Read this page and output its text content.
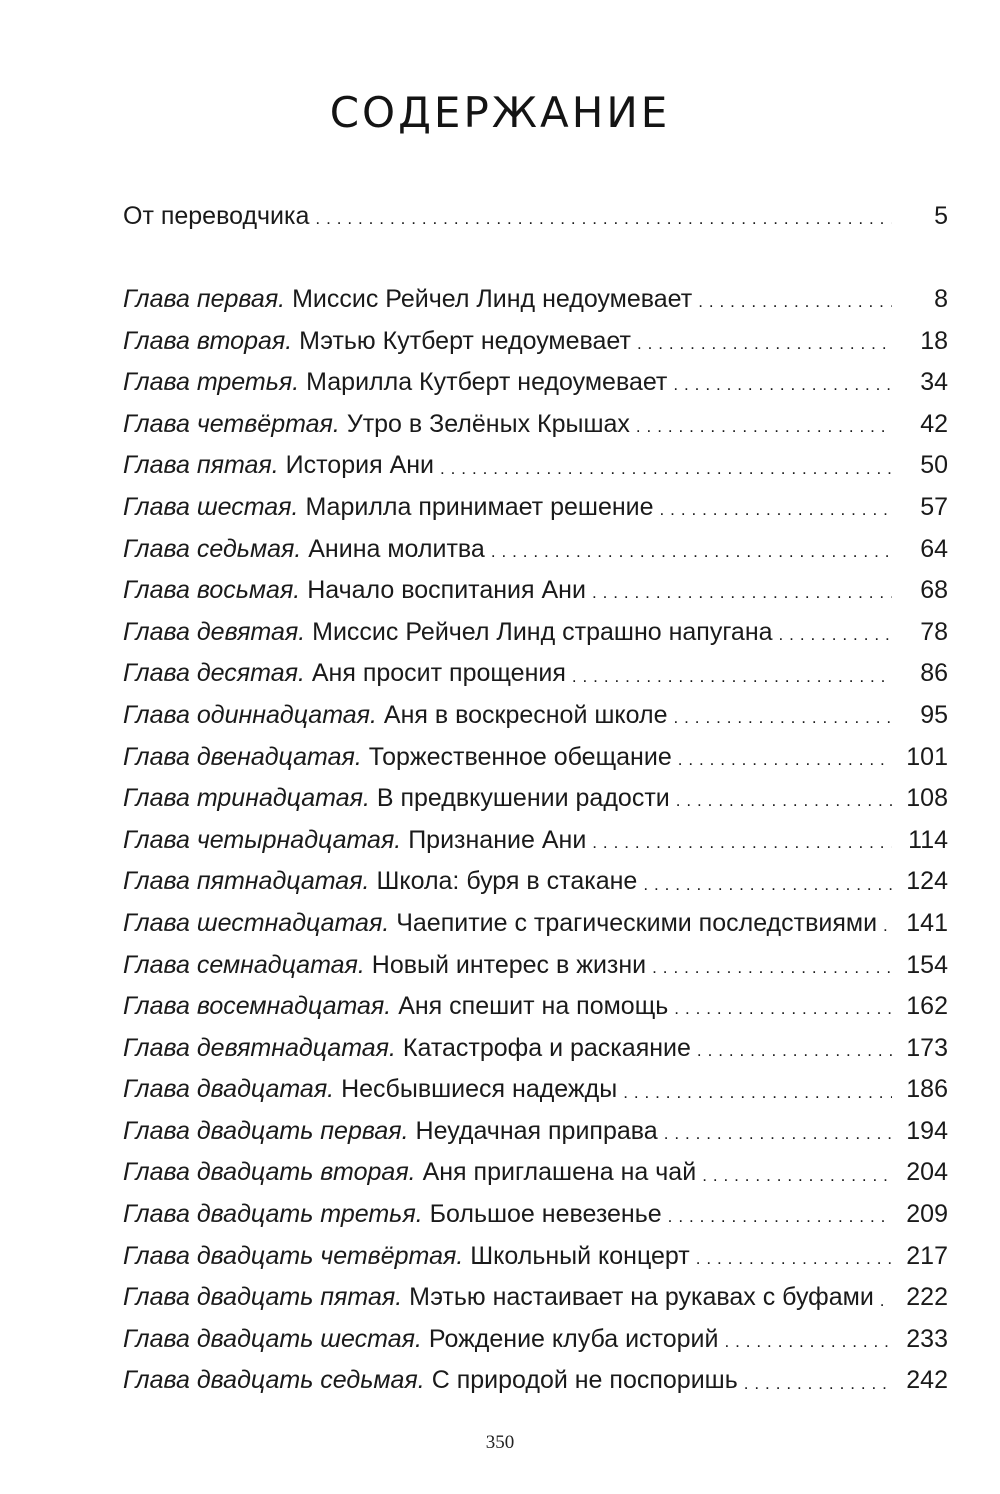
СОДЕРЖАНИЕ
От переводчика . . .	5
Глава первая. Миссис Рейчел Линд недоумевает . . .	8
Глава вторая. Мэтью Кутберт недоумевает . . .	18
Глава третья. Марилла Кутберт недоумевает . . .	34
Глава четвёртая. Утро в Зелёных Крышах . . .	42
Глава пятая. История Ани . . .	50
Глава шестая. Марилла принимает решение . . .	57
Глава седьмая. Анина молитва . . .	64
Глава восьмая. Начало воспитания Ани . . .	68
Глава девятая. Миссис Рейчел Линд страшно напугана . . .	78
Глава десятая. Аня просит прощения . . .	86
Глава одиннадцатая. Аня в воскресной школе . . .	95
Глава двенадцатая. Торжественное обещание . . .	101
Глава тринадцатая. В предвкушении радости . . .	108
Глава четырнадцатая. Признание Ани . . .	114
Глава пятнадцатая. Школа: буря в стакане . . .	124
Глава шестнадцатая. Чаепитие с трагическими последствиями . . . 141
Глава семнадцатая. Новый интерес в жизни . . .	154
Глава восемнадцатая. Аня спешит на помощь . . .	162
Глава девятнадцатая. Катастрофа и раскаяние . . .	173
Глава двадцатая. Несбывшиеся надежды . . .	186
Глава двадцать первая. Неудачная приправа . . .	194
Глава двадцать вторая. Аня приглашена на чай . . .	204
Глава двадцать третья. Большое невезенье . . .	209
Глава двадцать четвёртая. Школьный концерт . . .	217
Глава двадцать пятая. Мэтью настаивает на рукавах с буфами . . . 222
Глава двадцать шестая. Рождение клуба историй . . .	233
Глава двадцать седьмая. С природой не поспоришь . . .	242
350
